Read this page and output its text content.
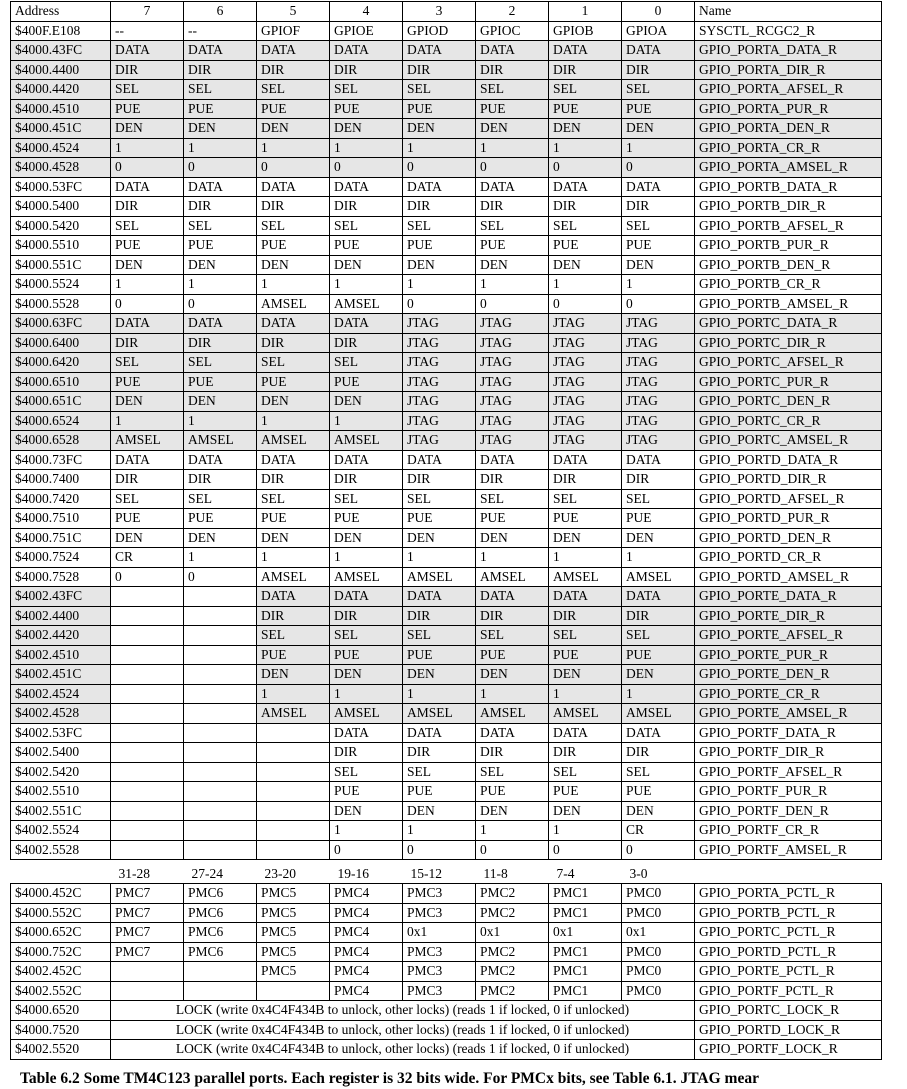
Address	7	6	5	4	3	2	1	0	Name
$400F.E108	--	--	GPIOF	GPIOE	GPIOD	GPIOC	GPIOB	GPIOA	SYSCTL_RCGC2_R
$4000.43FC	DATA	DATA	DATA	DATA	DATA	DATA	DATA	DATA	GPIO_PORTA_DATA_R
$4000.4400	DIR	DIR	DIR	DIR	DIR	DIR	DIR	DIR	GPIO_PORTA_DIR_R
$4000.4420	SEL	SEL	SEL	SEL	SEL	SEL	SEL	SEL	GPIO_PORTA_AFSEL_R
$4000.4510	PUE	PUE	PUE	PUE	PUE	PUE	PUE	PUE	GPIO_PORTA_PUR_R
$4000.451C	DEN	DEN	DEN	DEN	DEN	DEN	DEN	DEN	GPIO_PORTA_DEN_R
$4000.4524	1	1	1	1	1	1	1	1	GPIO_PORTA_CR_R
$4000.4528	0	0	0	0	0	0	0	0	GPIO_PORTA_AMSEL_R
$4000.53FC	DATA	DATA	DATA	DATA	DATA	DATA	DATA	DATA	GPIO_PORTB_DATA_R
$4000.5400	DIR	DIR	DIR	DIR	DIR	DIR	DIR	DIR	GPIO_PORTB_DIR_R
$4000.5420	SEL	SEL	SEL	SEL	SEL	SEL	SEL	SEL	GPIO_PORTB_AFSEL_R
$4000.5510	PUE	PUE	PUE	PUE	PUE	PUE	PUE	PUE	GPIO_PORTB_PUR_R
$4000.551C	DEN	DEN	DEN	DEN	DEN	DEN	DEN	DEN	GPIO_PORTB_DEN_R
$4000.5524	1	1	1	1	1	1	1	1	GPIO_PORTB_CR_R
$4000.5528	0	0	AMSEL	AMSEL	0	0	0	0	GPIO_PORTB_AMSEL_R
$4000.63FC	DATA	DATA	DATA	DATA	JTAG	JTAG	JTAG	JTAG	GPIO_PORTC_DATA_R
$4000.6400	DIR	DIR	DIR	DIR	JTAG	JTAG	JTAG	JTAG	GPIO_PORTC_DIR_R
$4000.6420	SEL	SEL	SEL	SEL	JTAG	JTAG	JTAG	JTAG	GPIO_PORTC_AFSEL_R
$4000.6510	PUE	PUE	PUE	PUE	JTAG	JTAG	JTAG	JTAG	GPIO_PORTC_PUR_R
$4000.651C	DEN	DEN	DEN	DEN	JTAG	JTAG	JTAG	JTAG	GPIO_PORTC_DEN_R
$4000.6524	1	1	1	1	JTAG	JTAG	JTAG	JTAG	GPIO_PORTC_CR_R
$4000.6528	AMSEL	AMSEL	AMSEL	AMSEL	JTAG	JTAG	JTAG	JTAG	GPIO_PORTC_AMSEL_R
$4000.73FC	DATA	DATA	DATA	DATA	DATA	DATA	DATA	DATA	GPIO_PORTD_DATA_R
$4000.7400	DIR	DIR	DIR	DIR	DIR	DIR	DIR	DIR	GPIO_PORTD_DIR_R
$4000.7420	SEL	SEL	SEL	SEL	SEL	SEL	SEL	SEL	GPIO_PORTD_AFSEL_R
$4000.7510	PUE	PUE	PUE	PUE	PUE	PUE	PUE	PUE	GPIO_PORTD_PUR_R
$4000.751C	DEN	DEN	DEN	DEN	DEN	DEN	DEN	DEN	GPIO_PORTD_DEN_R
$4000.7524	CR	1	1	1	1	1	1	1	GPIO_PORTD_CR_R
$4000.7528	0	0	AMSEL	AMSEL	AMSEL	AMSEL	AMSEL	AMSEL	GPIO_PORTD_AMSEL_R
$4002.43FC			DATA	DATA	DATA	DATA	DATA	DATA	GPIO_PORTE_DATA_R
$4002.4400			DIR	DIR	DIR	DIR	DIR	DIR	GPIO_PORTE_DIR_R
$4002.4420			SEL	SEL	SEL	SEL	SEL	SEL	GPIO_PORTE_AFSEL_R
$4002.4510			PUE	PUE	PUE	PUE	PUE	PUE	GPIO_PORTE_PUR_R
$4002.451C			DEN	DEN	DEN	DEN	DEN	DEN	GPIO_PORTE_DEN_R
$4002.4524			1	1	1	1	1	1	GPIO_PORTE_CR_R
$4002.4528			AMSEL	AMSEL	AMSEL	AMSEL	AMSEL	AMSEL	GPIO_PORTE_AMSEL_R
$4002.53FC				DATA	DATA	DATA	DATA	DATA	GPIO_PORTF_DATA_R
$4002.5400				DIR	DIR	DIR	DIR	DIR	GPIO_PORTF_DIR_R
$4002.5420				SEL	SEL	SEL	SEL	SEL	GPIO_PORTF_AFSEL_R
$4002.5510				PUE	PUE	PUE	PUE	PUE	GPIO_PORTF_PUR_R
$4002.551C				DEN	DEN	DEN	DEN	DEN	GPIO_PORTF_DEN_R
$4002.5524				1	1	1	1	CR	GPIO_PORTF_CR_R
$4002.5528				0	0	0	0	0	GPIO_PORTF_AMSEL_R
	31-28	27-24	23-20	19-16	15-12	11-8	7-4	3-0	
$4000.452C	PMC7	PMC6	PMC5	PMC4	PMC3	PMC2	PMC1	PMC0	GPIO_PORTA_PCTL_R
$4000.552C	PMC7	PMC6	PMC5	PMC4	PMC3	PMC2	PMC1	PMC0	GPIO_PORTB_PCTL_R
$4000.652C	PMC7	PMC6	PMC5	PMC4	0x1	0x1	0x1	0x1	GPIO_PORTC_PCTL_R
$4000.752C	PMC7	PMC6	PMC5	PMC4	PMC3	PMC2	PMC1	PMC0	GPIO_PORTD_PCTL_R
$4002.452C			PMC5	PMC4	PMC3	PMC2	PMC1	PMC0	GPIO_PORTE_PCTL_R
$4002.552C				PMC4	PMC3	PMC2	PMC1	PMC0	GPIO_PORTF_PCTL_R
$4000.6520	LOCK (write 0x4C4F434B to unlock, other locks) (reads 1 if locked, 0 if unlocked)								GPIO_PORTC_LOCK_R
$4000.7520	LOCK (write 0x4C4F434B to unlock, other locks) (reads 1 if locked, 0 if unlocked)								GPIO_PORTD_LOCK_R
$4002.5520	LOCK (write 0x4C4F434B to unlock, other locks) (reads 1 if locked, 0 if unlocked)								GPIO_PORTF_LOCK_R
Table 6.2 Some TM4C123 parallel ports. Each register is 32 bits wide. For PMCx bits, see Table 6.1. JTAG mear
